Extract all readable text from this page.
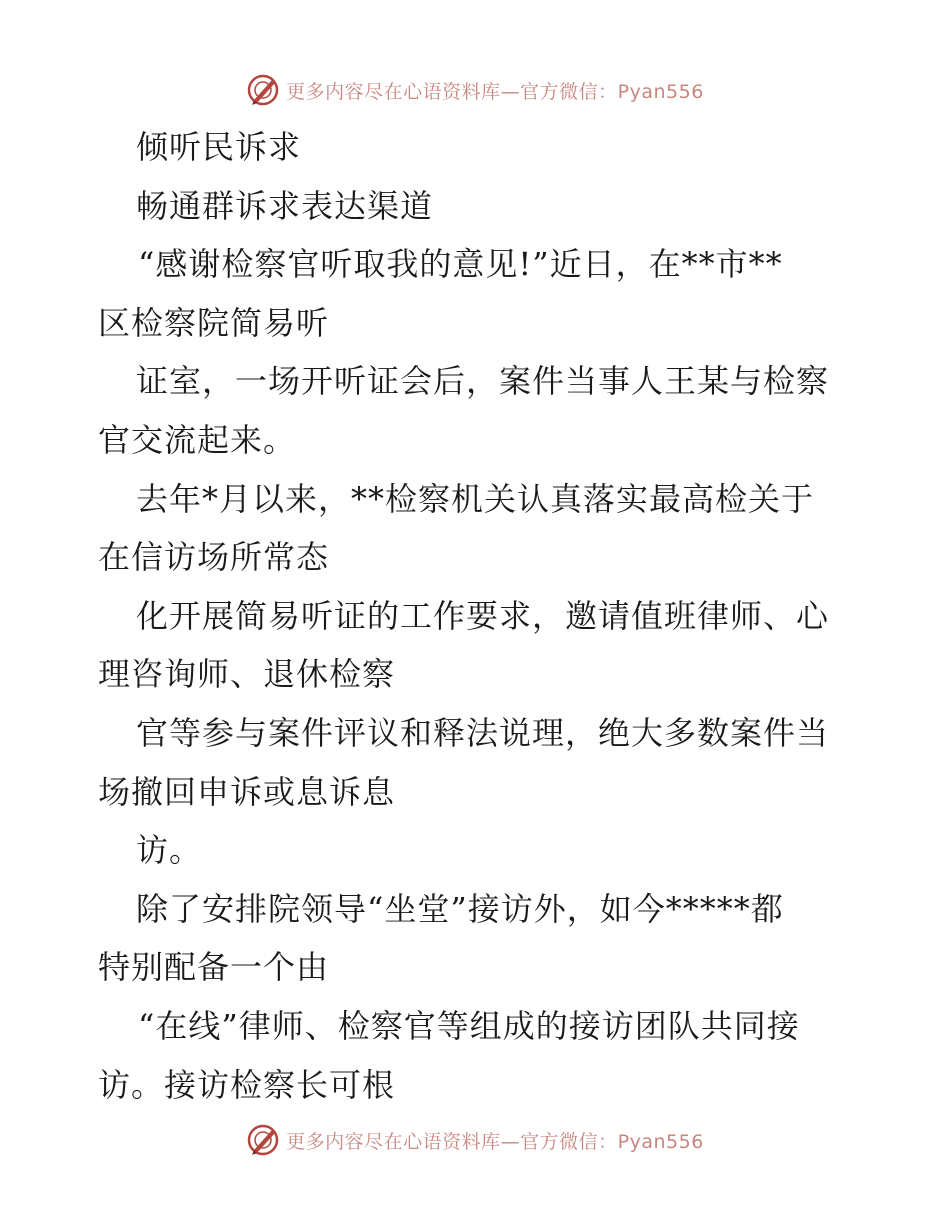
更多内容尽在心语资料库—官方微信：Pyan556
倾听民诉求
畅通群诉求表达渠道
“感谢检察官听取我的意见!”近日，在**市**
区检察院简易听
证室，一场开听证会后，案件当事人王某与检察
官交流起来。
去年*月以来，**检察机关认真落实最高检关于
在信访场所常态
化开展简易听证的工作要求，邀请值班律师、心
理咨询师、退休检察
官等参与案件评议和释法说理，绝大多数案件当
场撤回申诉或息诉息
访。
除了安排院领导“坐堂”接访外，如今*****都
特别配备一个由
“在线”律师、检察官等组成的接访团队共同接
访。接访检察长可根
更多内容尽在心语资料库—官方微信：Pyan556
